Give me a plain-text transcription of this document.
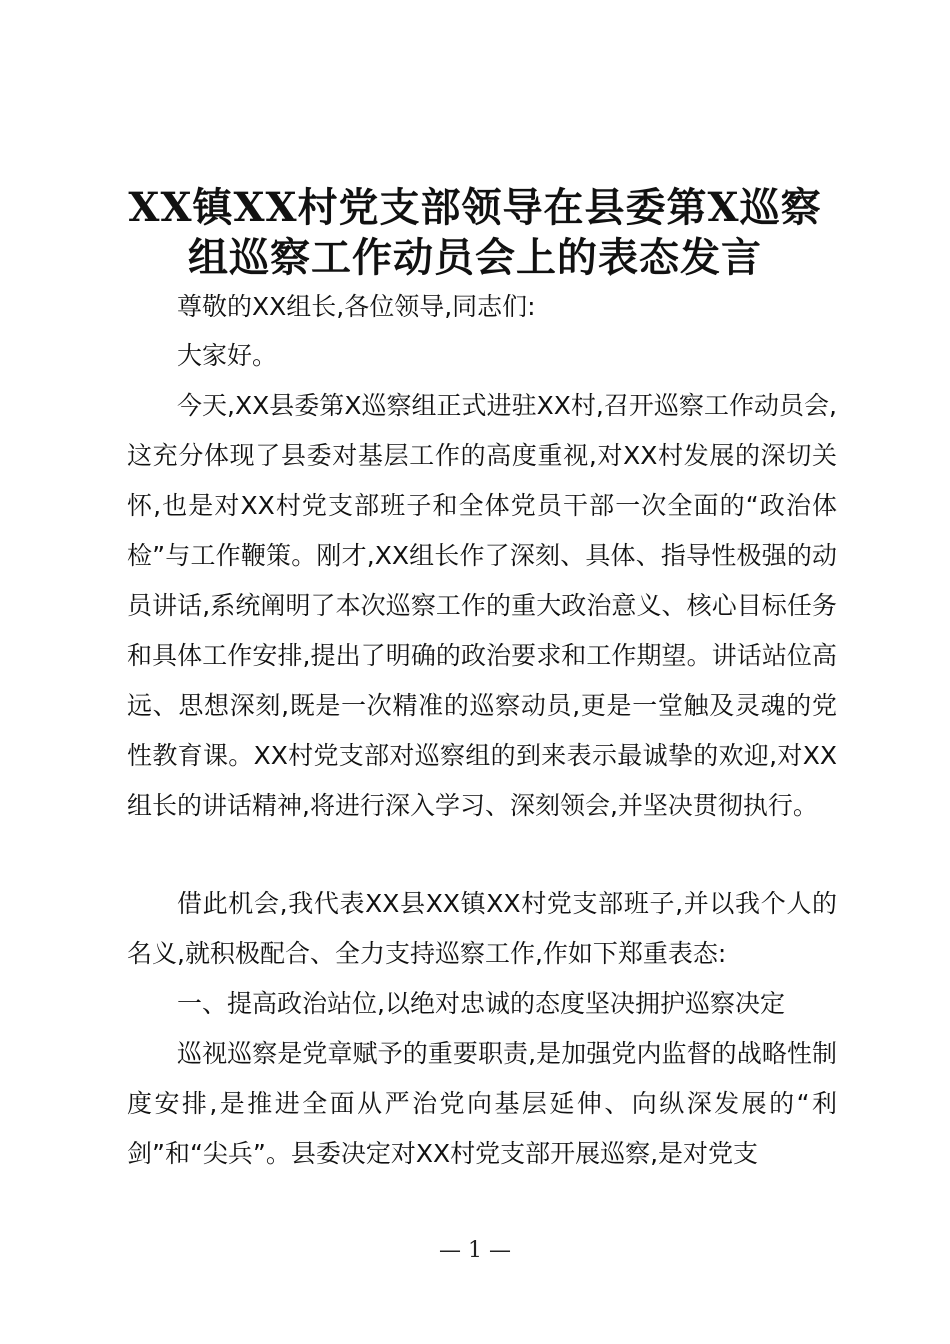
XX镇XX村党支部领导在县委第X巡察
组巡察工作动员会上的表态发言

尊敬的XX组长,各位领导,同志们:

大家好。

今天,XX县委第X巡察组正式进驻XX村,召开巡察工作动员会,这充分体现了县委对基层工作的高度重视,对XX村发展的深切关怀,也是对XX村党支部班子和全体党员干部一次全面的“政治体检”与工作鞭策。刚才,XX组长作了深刻、具体、指导性极强的动员讲话,系统阐明了本次巡察工作的重大政治意义、核心目标任务和具体工作安排,提出了明确的政治要求和工作期望。讲话站位高远、思想深刻,既是一次精准的巡察动员,更是一堂触及灵魂的党性教育课。XX村党支部对巡察组的到来表示最诚挚的欢迎,对XX组长的讲话精神,将进行深入学习、深刻领会,并坚决贯彻执行。

借此机会,我代表XX县XX镇XX村党支部班子,并以我个人的名义,就积极配合、全力支持巡察工作,作如下郑重表态:

一、提高政治站位,以绝对忠诚的态度坚决拥护巡察决定

巡视巡察是党章赋予的重要职责,是加强党内监督的战略性制度安排,是推进全面从严治党向基层延伸、向纵深发展的“利剑”和“尖兵”。县委决定对XX村党支部开展巡察,是对党支

— 1 —
